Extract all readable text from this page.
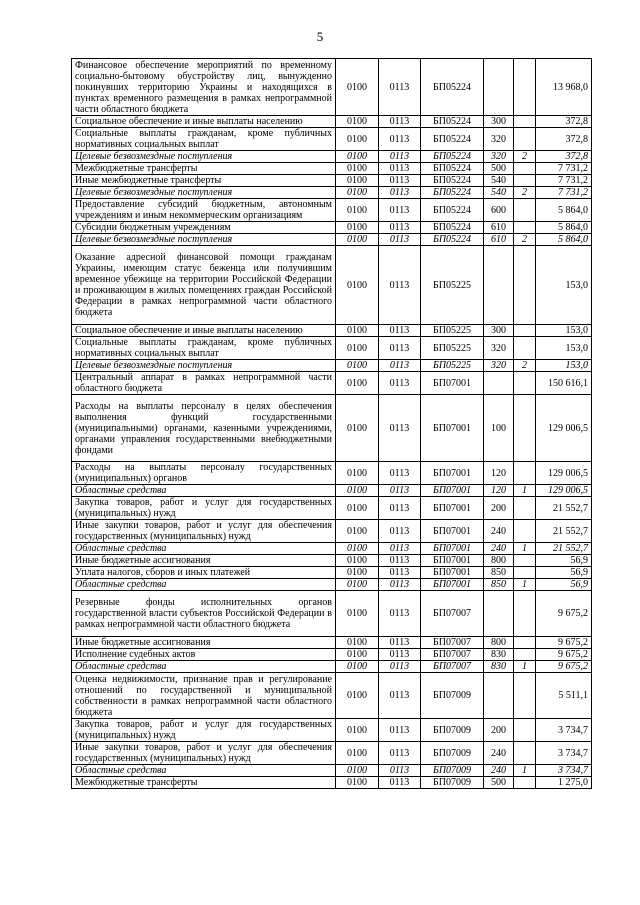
5
Финансовое обеспечение мероприятий по временному социально-бытовому обустройству лиц, вынужденно покинувших территорию Украины и находящихся в пунктах временного размещения в рамках непрограммной части областного бюджета	0100	0113	БП05224			13 968,0
Социальное обеспечение и иные выплаты населению	0100	0113	БП05224	300		372,8
Социальные выплаты гражданам, кроме публичных нормативных социальных выплат	0100	0113	БП05224	320		372,8
Целевые безвозмездные поступления	0100	0113	БП05224	320	2	372,8
Межбюджетные трансферты	0100	0113	БП05224	500		7 731,2
Иные межбюджетные трансферты	0100	0113	БП05224	540		7 731,2
Целевые безвозмездные поступления	0100	0113	БП05224	540	2	7 731,2
Предоставление субсидий бюджетным, автономным учреждениям и иным некоммерческим организациям	0100	0113	БП05224	600		5 864,0
Субсидии бюджетным учреждениям	0100	0113	БП05224	610		5 864,0
Целевые безвозмездные поступления	0100	0113	БП05224	610	2	5 864,0
Оказание адресной финансовой помощи гражданам Украины, имеющим статус беженца или получившим временное убежище на территории Российской Федерации и проживающим в жилых помещениях граждан Российской Федерации в рамках непрограммной части областного бюджета	0100	0113	БП05225			153,0
Социальное обеспечение и иные выплаты населению	0100	0113	БП05225	300		153,0
Социальные выплаты гражданам, кроме публичных нормативных социальных выплат	0100	0113	БП05225	320		153,0
Целевые безвозмездные поступления	0100	0113	БП05225	320	2	153,0
Центральный аппарат в рамках непрограммной части областного бюджета	0100	0113	БП07001			150 616,1
Расходы на выплаты персоналу в целях обеспечения выполнения функций государственными (муниципальными) органами, казенными учреждениями, органами управления государственными внебюджетными фондами	0100	0113	БП07001	100		129 006,5
Расходы на выплаты персоналу государственных (муниципальных) органов	0100	0113	БП07001	120		129 006,5
Областные средства	0100	0113	БП07001	120	1	129 006,5
Закупка товаров, работ и услуг для государственных (муниципальных) нужд	0100	0113	БП07001	200		21 552,7
Иные закупки товаров, работ и услуг для обеспечения государственных (муниципальных) нужд	0100	0113	БП07001	240		21 552,7
Областные средства	0100	0113	БП07001	240	1	21 552,7
Иные бюджетные ассигнования	0100	0113	БП07001	800		56,9
Уплата налогов, сборов и иных платежей	0100	0113	БП07001	850		56,9
Областные средства	0100	0113	БП07001	850	1	56,9
Резервные фонды исполнительных органов государственной власти субъектов Российской Федерации в рамках непрограммной части областного бюджета	0100	0113	БП07007			9 675,2
Иные бюджетные ассигнования	0100	0113	БП07007	800		9 675,2
Исполнение судебных актов	0100	0113	БП07007	830		9 675,2
Областные средства	0100	0113	БП07007	830	1	9 675,2
Оценка недвижимости, признание прав и регулирование отношений по государственной и муниципальной собственности в рамках непрограммной части областного бюджета	0100	0113	БП07009			5 511,1
Закупка товаров, работ и услуг для государственных (муниципальных) нужд	0100	0113	БП07009	200		3 734,7
Иные закупки товаров, работ и услуг для обеспечения государственных (муниципальных) нужд	0100	0113	БП07009	240		3 734,7
Областные средства	0100	0113	БП07009	240	1	3 734,7
Межбюджетные трансферты	0100	0113	БП07009	500		1 275,0
